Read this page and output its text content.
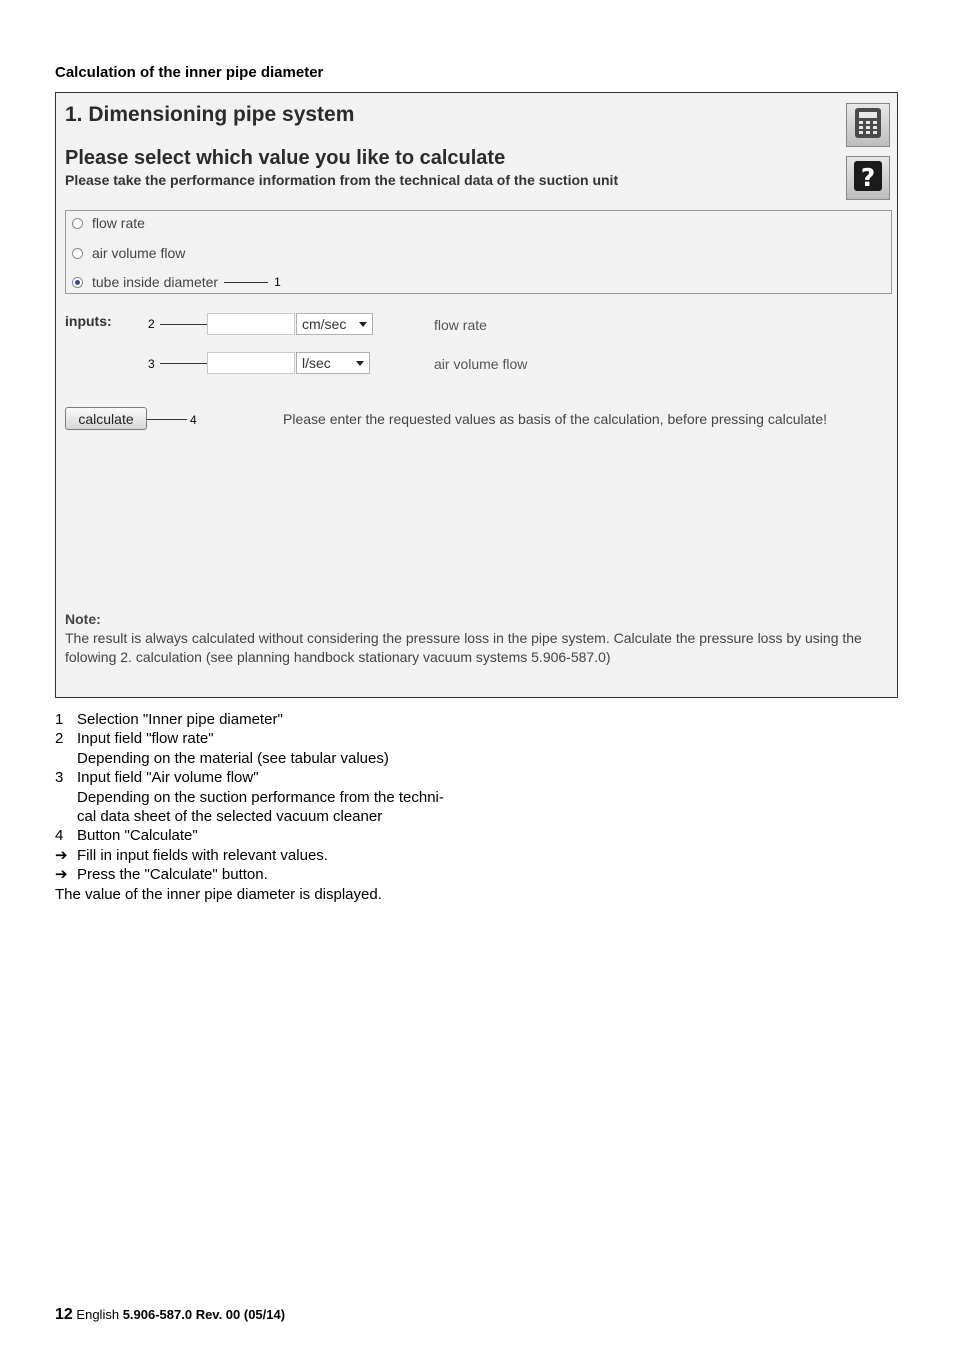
Calculation of the inner pipe diameter
1. Dimensioning pipe system
Please select which value you like to calculate
Please take the performance information from the technical data of the suction unit	?
flow rate
air volume flow
tube inside diameter	1
inputs:	2	cm/sec	flow rate
3	l/sec	air volume flow
calculate	4	Please enter the requested values as basis of the calculation, before pressing calculate!
Note:
The result is always calculated without considering the pressure loss in the pipe system. Calculate the pressure loss by using the folowing 2. calculation (see planning handbock stationary vacuum systems 5.906-587.0)
1 Selection "Inner pipe diameter"
2 Input field "flow rate"
Depending on the material (see tabular values)
3 Input field "Air volume flow"
Depending on the suction performance from the techni-
cal data sheet of the selected vacuum cleaner
4 Button "Calculate"
➔ Fill in input fields with relevant values.
➔ Press the "Calculate" button.
The value of the inner pipe diameter is displayed.
12 English 5.906-587.0 Rev. 00 (05/14)
